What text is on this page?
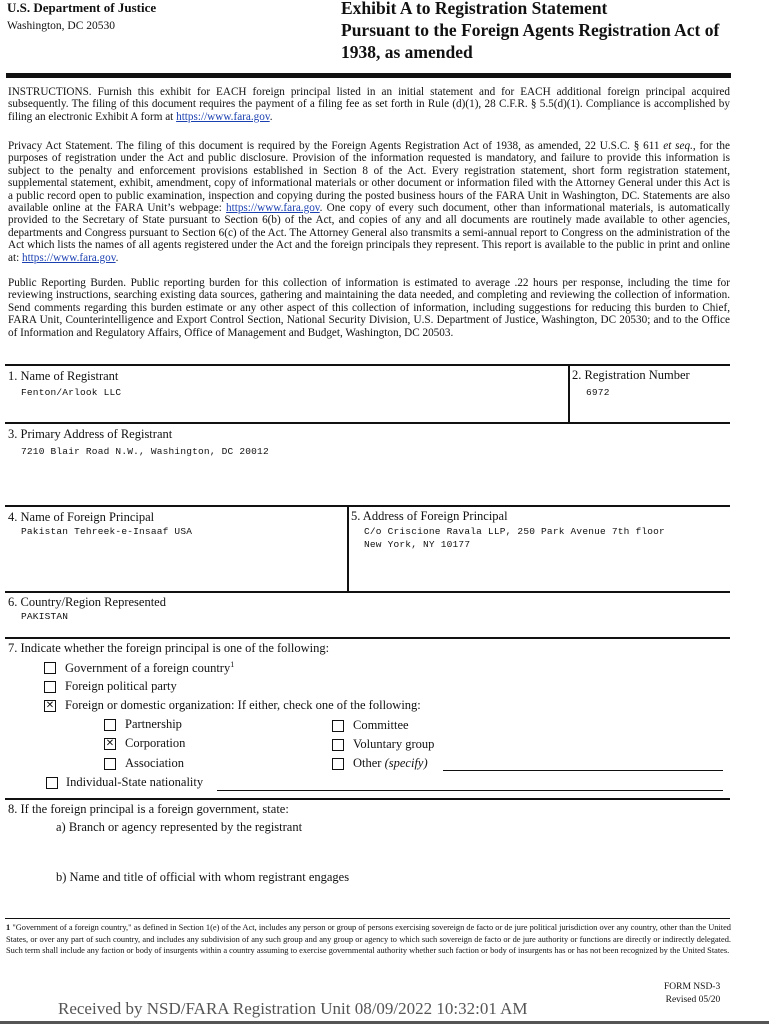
U.S. Department of Justice
Washington, DC 20530
Exhibit A to Registration Statement
Pursuant to the Foreign Agents Registration Act of
1938, as amended
INSTRUCTIONS. Furnish this exhibit for EACH foreign principal listed in an initial statement and for EACH additional foreign principal acquired subsequently. The filing of this document requires the payment of a filing fee as set forth in Rule (d)(1), 28 C.F.R. § 5.5(d)(1). Compliance is accomplished by filing an electronic Exhibit A form at https://www.fara.gov.
Privacy Act Statement. The filing of this document is required by the Foreign Agents Registration Act of 1938, as amended, 22 U.S.C. § 611 et seq., for the purposes of registration under the Act and public disclosure. Provision of the information requested is mandatory, and failure to provide this information is subject to the penalty and enforcement provisions established in Section 8 of the Act. Every registration statement, short form registration statement, supplemental statement, exhibit, amendment, copy of informational materials or other document or information filed with the Attorney General under this Act is a public record open to public examination, inspection and copying during the posted business hours of the FARA Unit in Washington, DC. Statements are also available online at the FARA Unit’s webpage: https://www.fara.gov. One copy of every such document, other than informational materials, is automatically provided to the Secretary of State pursuant to Section 6(b) of the Act, and copies of any and all documents are routinely made available to other agencies, departments and Congress pursuant to Section 6(c) of the Act. The Attorney General also transmits a semi-annual report to Congress on the administration of the Act which lists the names of all agents registered under the Act and the foreign principals they represent. This report is available to the public in print and online at: https://www.fara.gov.
Public Reporting Burden. Public reporting burden for this collection of information is estimated to average .22 hours per response, including the time for reviewing instructions, searching existing data sources, gathering and maintaining the data needed, and completing and reviewing the collection of information. Send comments regarding this burden estimate or any other aspect of this collection of information, including suggestions for reducing this burden to Chief, FARA Unit, Counterintelligence and Export Control Section, National Security Division, U.S. Department of Justice, Washington, DC 20530; and to the Office of Information and Regulatory Affairs, Office of Management and Budget, Washington, DC 20503.
1. Name of Registrant
Fenton/Arlook LLC
2. Registration Number
6972
3. Primary Address of Registrant
7210 Blair Road N.W., Washington, DC 20012
4. Name of Foreign Principal
Pakistan Tehreek-e-Insaaf USA
5. Address of Foreign Principal
C/o Criscione Ravala LLP, 250 Park Avenue 7th floor
New York, NY 10177
6. Country/Region Represented
PAKISTAN
7. Indicate whether the foreign principal is one of the following:
Government of a foreign country$^1$
Foreign political party
✕ Foreign or domestic organization: If either, check one of the following:
Partnership
✕ Corporation
Association
Committee
Voluntary group
Other (specify)
Individual-State nationality
8. If the foreign principal is a foreign government, state:
a) Branch or agency represented by the registrant
b) Name and title of official with whom registrant engages
1 "Government of a foreign country," as defined in Section 1(e) of the Act, includes any person or group of persons exercising sovereign de facto or de jure political jurisdiction over any country, other than the United States, or over any part of such country, and includes any subdivision of any such group and any group or agency to which such sovereign de facto or de jure authority or functions are directly or indirectly delegated. Such term shall include any faction or body of insurgents within a country assuming to exercise governmental authority whether such faction or body of insurgents has or has not been recognized by the United States.
FORM NSD-3
Revised 05/20
Received by NSD/FARA Registration Unit 08/09/2022 10:32:01 AM
